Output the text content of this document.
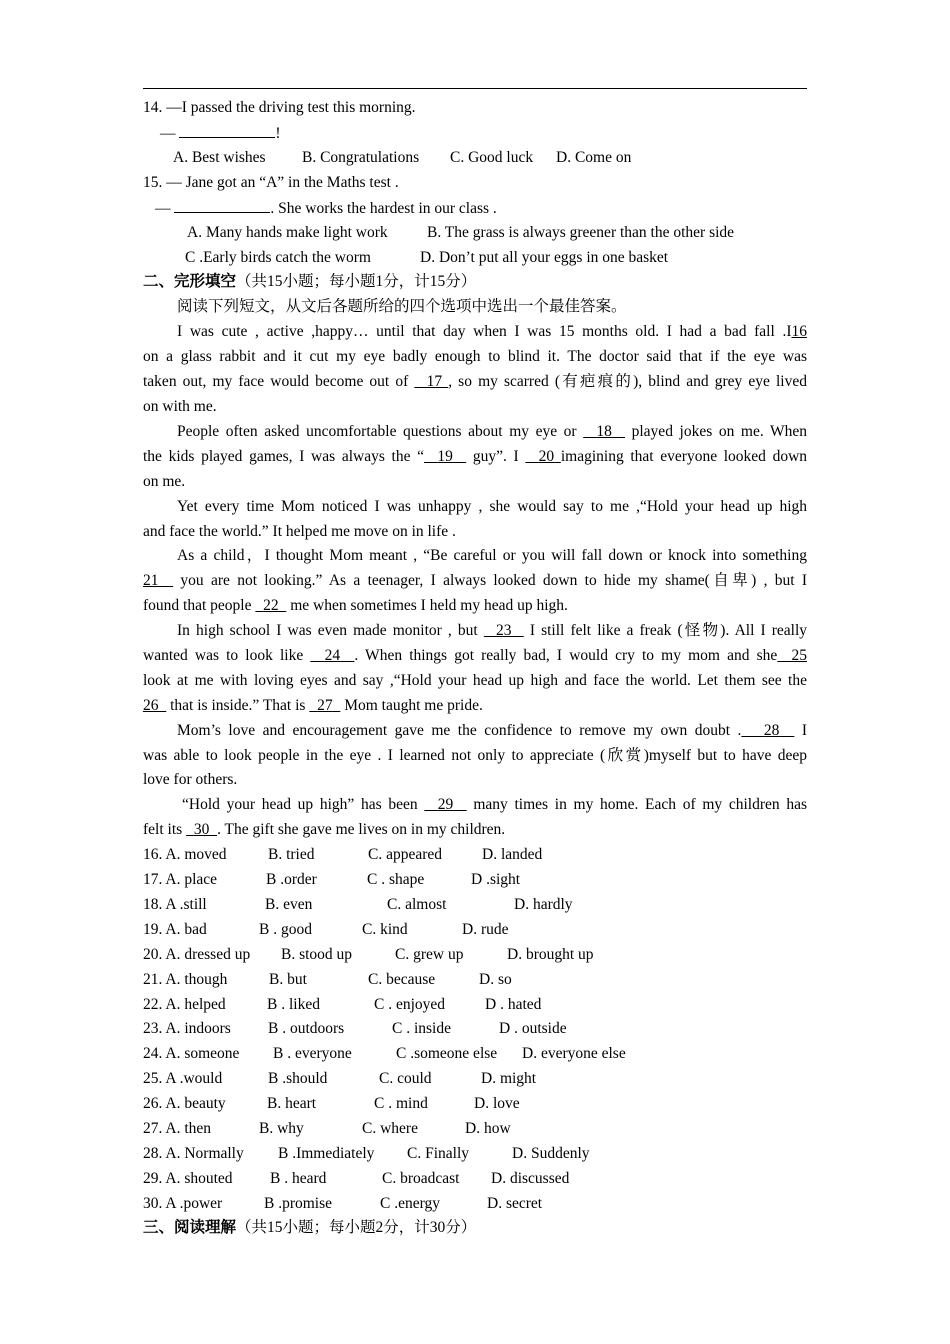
14. —I passed the driving test this morning.
—	!
A. Best wishes B. Congratulations C. Good luck D. Come on
15. — Jane got an “A” in the Maths test .
—	. She works the hardest in our class .
A. Many hands make light work	B. The grass is always greener than the other side
C .Early birds catch the worm	D. Don’t put all your eggs in one basket
二、完形填空（共15小题；每小题1分，计15分）
阅读下列短文，从文后各题所给的四个选项中选出一个最佳答案。
I was cute , active ,happy… until that day when I was 15 months old. I had a bad fall .I16
on a glass rabbit and it cut my eye badly enough to blind it. The doctor said that if the eye was
taken out, my face would become out of 17 , so my scarred (有疤痕的), blind and grey eye lived
on with me.
People often asked uncomfortable questions about my eye or 18 played jokes on me. When
the kids played games, I was always the “ 19 guy”. I 20 imagining that everyone looked down
on me.
Yet every time Mom noticed I was unhappy , she would say to me ,“Hold your head up high
and face the world.” It helped me move on in life .
As a child，I thought Mom meant , “Be careful or you will fall down or knock into something
21 you are not looking.” As a teenager, I always looked down to hide my shame(自卑) , but I
found that people 22 me when sometimes I held my head up high.
In high school I was even made monitor , but 23 I still felt like a freak (怪物). All I really
wanted was to look like 24 . When things got really bad, I would cry to my mom and she 25
look at me with loving eyes and say ,“Hold your head up high and face the world. Let them see the
26 that is inside.” That is 27 Mom taught me pride.
Mom’s love and encouragement gave me the confidence to remove my own doubt . 28 I
was able to look people in the eye . I learned not only to appreciate (欣赏)myself but to have deep
love for others.
“Hold your head up high” has been 29 many times in my home. Each of my children has
felt its 30 . The gift she gave me lives on in my children.
16. A. moved	B. tried	C. appeared	D. landed
17. A. place	B .order	C . shape	D .sight
18. A .still	B. even	C. almost	D. hardly
19. A. bad	B . good	C. kind	D. rude
20. A. dressed up B. stood up	C. grew up	D. brought up
21. A. though	B. but	C. because	D. so
22. A. helped	B . liked	C . enjoyed	D . hated
23. A. indoors B . outdoors	C . inside	D . outside
24. A. someone B . everyone	C .someone else D. everyone else
25. A .would	B .should	C. could	D. might
26. A. beauty	B. heart	C . mind	D. love
27. A. then	B. why	C. where	D. how
28. A. Normally B .Immediately C. Finally	D. Suddenly
29. A. shouted B . heard	C. broadcast D. discussed
30. A .power	B .promise	C .energy	D. secret
三、阅读理解（共15小题；每小题2分，计30分）
